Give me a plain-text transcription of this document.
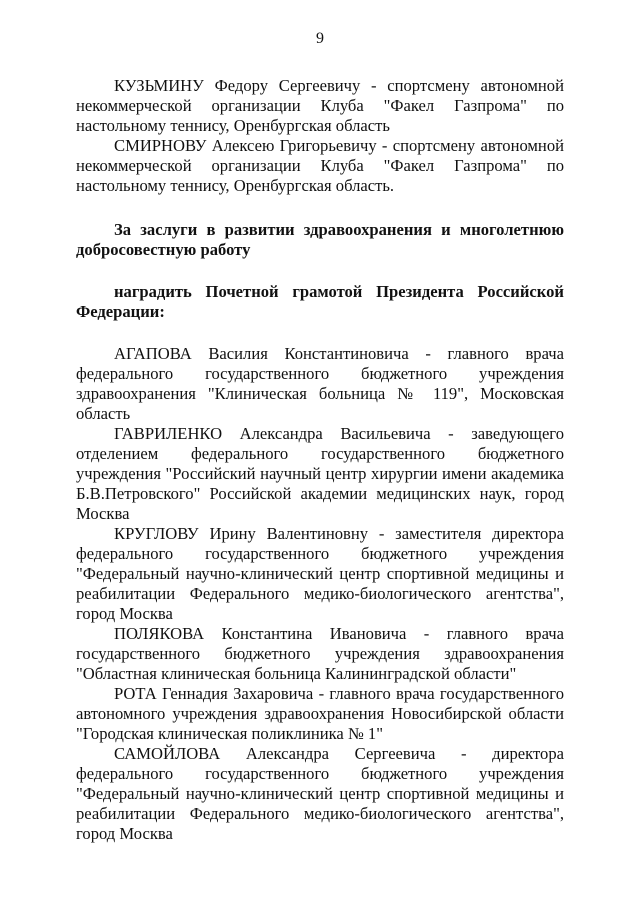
9

КУЗЬМИНУ Федору Сергеевичу - спортсмену автономной некоммерческой организации Клуба "Факел Газпрома" по настольному теннису, Оренбургская область

СМИРНОВУ Алексею Григорьевичу - спортсмену автономной некоммерческой организации Клуба "Факел Газпрома" по настольному теннису, Оренбургская область.

За заслуги в развитии здравоохранения и многолетнюю добросовестную работу

наградить Почетной грамотой Президента Российской Федерации:

АГАПОВА Василия Константиновича - главного врача федерального государственного бюджетного учреждения здравоохранения "Клиническая больница № 119", Московская область

ГАВРИЛЕНКО Александра Васильевича - заведующего отделением федерального государственного бюджетного учреждения "Российский научный центр хирургии имени академика Б.В.Петровского" Российской академии медицинских наук, город Москва

КРУГЛОВУ Ирину Валентиновну - заместителя директора федерального государственного бюджетного учреждения "Федеральный научно-клинический центр спортивной медицины и реабилитации Федерального медико-биологического агентства", город Москва

ПОЛЯКОВА Константина Ивановича - главного врача государственного бюджетного учреждения здравоохранения "Областная клиническая больница Калининградской области"

РОТА Геннадия Захаровича - главного врача государственного автономного учреждения здравоохранения Новосибирской области "Городская клиническая поликлиника № 1"

САМОЙЛОВА Александра Сергеевича - директора федерального государственного бюджетного учреждения "Федеральный научно-клинический центр спортивной медицины и реабилитации Федерального медико-биологического агентства", город Москва
